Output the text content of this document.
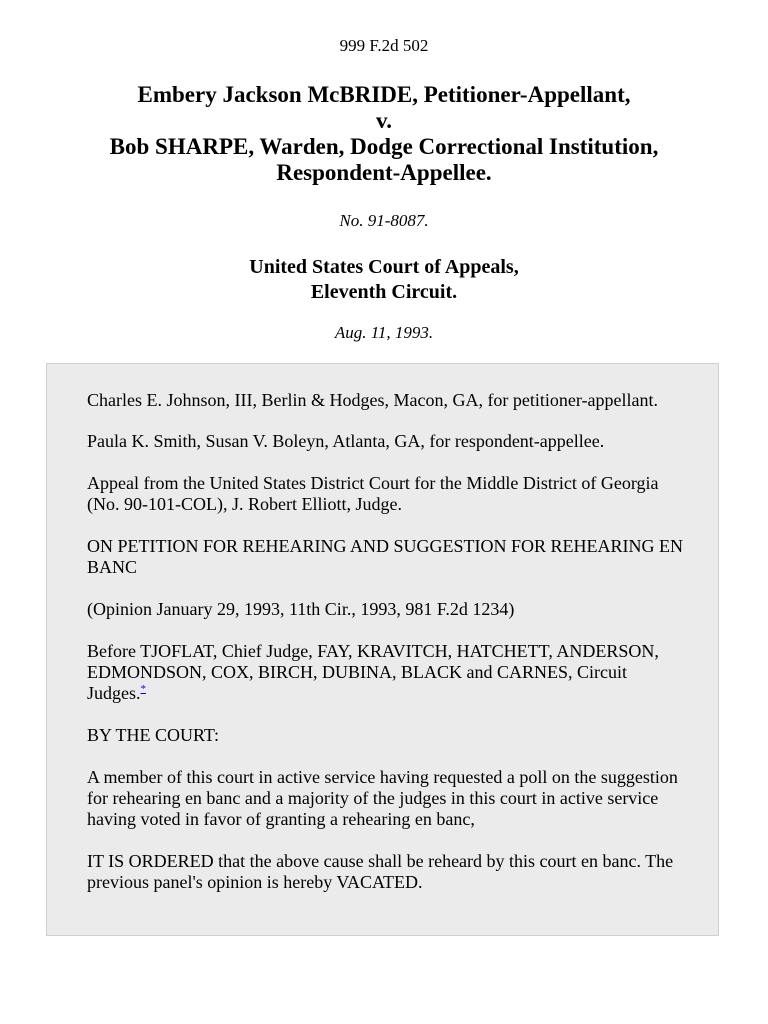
999 F.2d 502
Embery Jackson McBRIDE, Petitioner-Appellant,
v.
Bob SHARPE, Warden, Dodge Correctional Institution,
Respondent-Appellee.
No. 91-8087.
United States Court of Appeals,
Eleventh Circuit.
Aug. 11, 1993.

Charles E. Johnson, III, Berlin & Hodges, Macon, GA, for petitioner-appellant.

Paula K. Smith, Susan V. Boleyn, Atlanta, GA, for respondent-appellee.

Appeal from the United States District Court for the Middle District of Georgia (No. 90-101-COL), J. Robert Elliott, Judge.

ON PETITION FOR REHEARING AND SUGGESTION FOR REHEARING EN BANC

(Opinion January 29, 1993, 11th Cir., 1993, 981 F.2d 1234)

Before TJOFLAT, Chief Judge, FAY, KRAVITCH, HATCHETT, ANDERSON, EDMONDSON, COX, BIRCH, DUBINA, BLACK and CARNES, Circuit Judges.*

BY THE COURT:

A member of this court in active service having requested a poll on the suggestion for rehearing en banc and a majority of the judges in this court in active service having voted in favor of granting a rehearing en banc,

IT IS ORDERED that the above cause shall be reheard by this court en banc. The previous panel's opinion is hereby VACATED.
